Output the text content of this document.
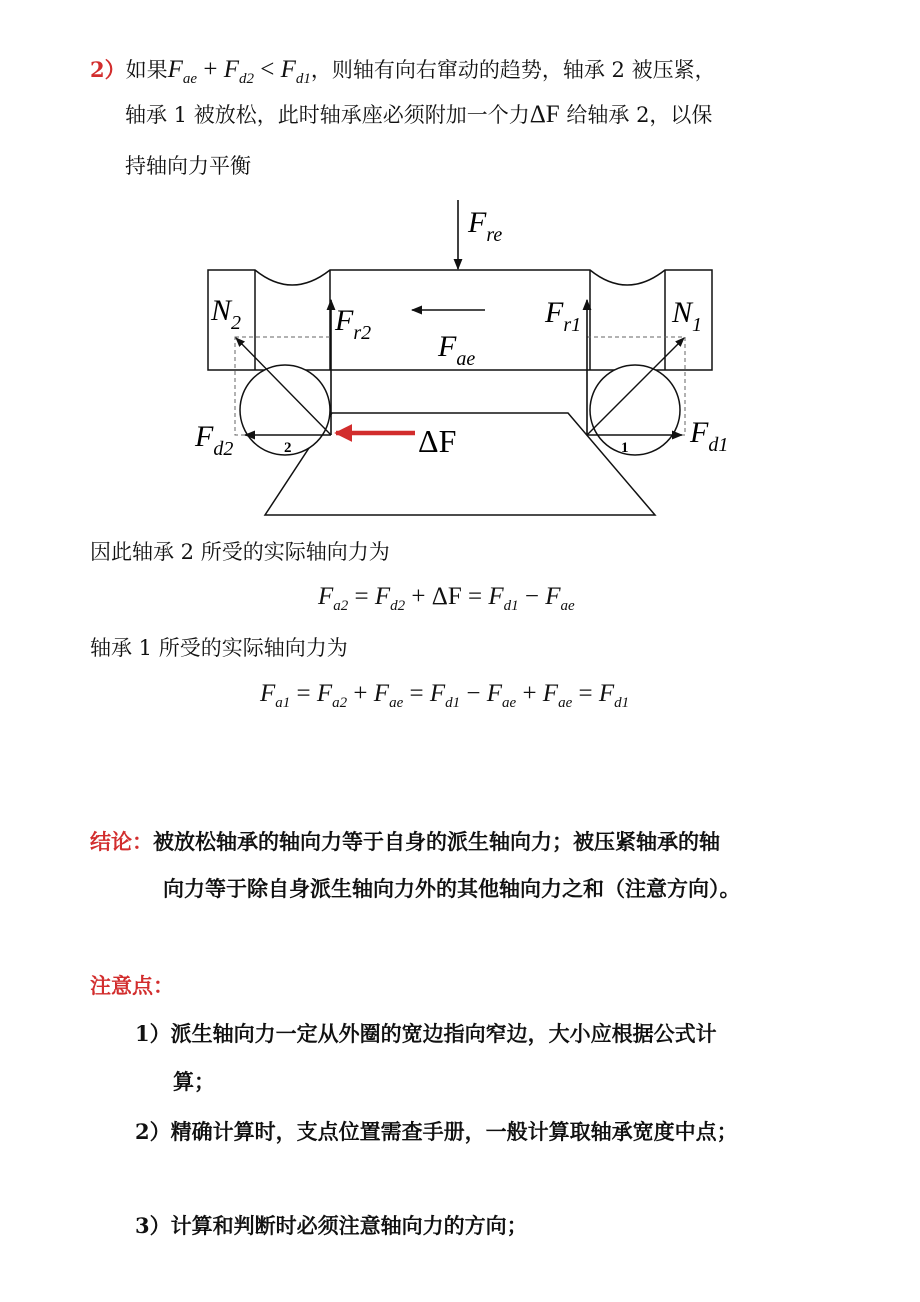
2）如果$F_{ae} + F_{d2} < F_{d1}$，则轴有向右窜动的趋势，轴承 2 被压紧，
轴承 1 被放松，此时轴承座必须附加一个力ΔF 给轴承 2，以保
持轴向力平衡
$F_{re}$
$N_2$	$F_{r2}$ $F_{ae}$
$F_{r1}$	$N_1$
$F_{d2}$	$F_{d1}$
ΔF
2	1
因此轴承 2 所受的实际轴向力为
$F_{a2} = F_{d2} + \Delta F = F_{d1} - F_{ae}$
轴承 1 所受的实际轴向力为
$F_{a1} = F_{a2} + F_{ae} = F_{d1} - F_{ae} + F_{ae} = F_{d1}$
结论：被放松轴承的轴向力等于自身的派生轴向力；被压紧轴承的轴
向力等于除自身派生轴向力外的其他轴向力之和（注意方向）。
注意点：
1）派生轴向力一定从外圈的宽边指向窄边，大小应根据公式计
算；
2）精确计算时，支点位置需查手册，一般计算取轴承宽度中点；
3）计算和判断时必须注意轴向力的方向；
